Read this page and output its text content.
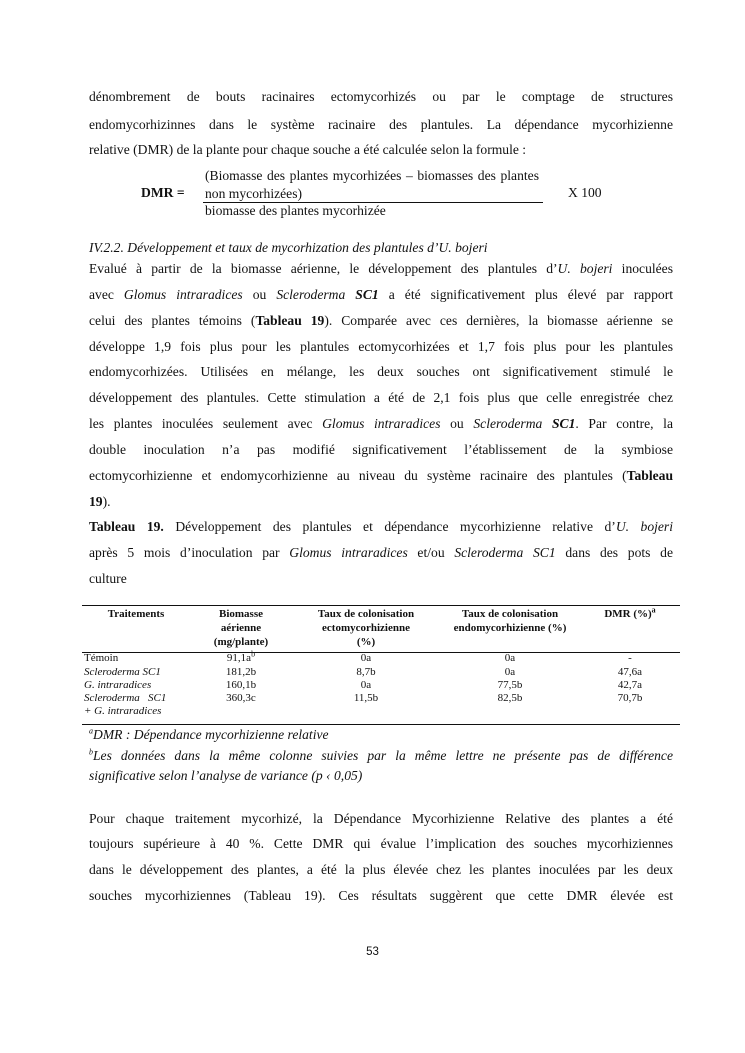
dénombrement de bouts racinaires ectomycorhizés ou par le comptage de structures
endomycorhizinnes dans le système racinaire des plantules. La dépendance mycorhizienne
relative (DMR) de la plante pour chaque souche a été calculée selon la formule :
DMR =
(Biomasse des plantes mycorhizées – biomasses des plantes non mycorhizées)
biomasse des plantes mycorhizée
X 100
IV.2.2. Développement et taux de mycorhization des plantules d’U. bojeri
Evalué à partir de la biomasse aérienne, le développement des plantules d’U. bojeri inoculées
avec Glomus intraradices ou Scleroderma SC1 a été significativement plus élevé par rapport
celui des plantes témoins (Tableau 19). Comparée avec ces dernières, la biomasse aérienne se
développe 1,9 fois plus pour les plantules ectomycorhizées et 1,7 fois plus pour les plantules
endomycorhizées. Utilisées en mélange, les deux souches ont significativement stimulé le
développement des plantules. Cette stimulation a été de 2,1 fois plus que celle enregistrée chez
les plantes inoculées seulement avec Glomus intraradices ou Scleroderma SC1. Par contre, la
double inoculation n’a pas modifié significativement l’établissement de la symbiose
ectomycorhizienne et endomycorhizienne au niveau du système racinaire des plantules (Tableau
19).
Tableau 19. Développement des plantules et dépendance mycorhizienne relative d’U. bojeri
après 5 mois d’inoculation par Glomus intraradices et/ou Scleroderma SC1 dans des pots de
culture
Traitements	Biomasse
aérienne
(mg/plante)	Taux de colonisation
ectomycorhizienne
(%)	Taux de colonisation
endomycorhizienne (%)	DMR (%)$^a$
Témoin	$91,1a^b$	0a	0a	-
Scleroderma SC1	181,2b	8,7b	0a	47,6a
G. intraradices	160,1b	0a	77,5b	42,7a
Scleroderma   SC1
+ G. intraradices	360,3c	11,5b	82,5b	70,7b
$^a$DMR : Dépendance mycorhizienne relative
$^b$Les données dans la même colonne suivies par la même lettre ne présente pas de différence
significative selon l’analyse de variance (p ‹ 0,05)
Pour chaque traitement mycorhizé, la Dépendance Mycorhizienne Relative des plantes a été
toujours supérieure à 40 %. Cette DMR qui évalue l’implication des souches mycorhiziennes
dans le développement des plantes, a été la plus élevée chez les plantes inoculées par les deux
souches mycorhiziennes (Tableau 19). Ces résultats suggèrent que cette DMR élevée est
53
